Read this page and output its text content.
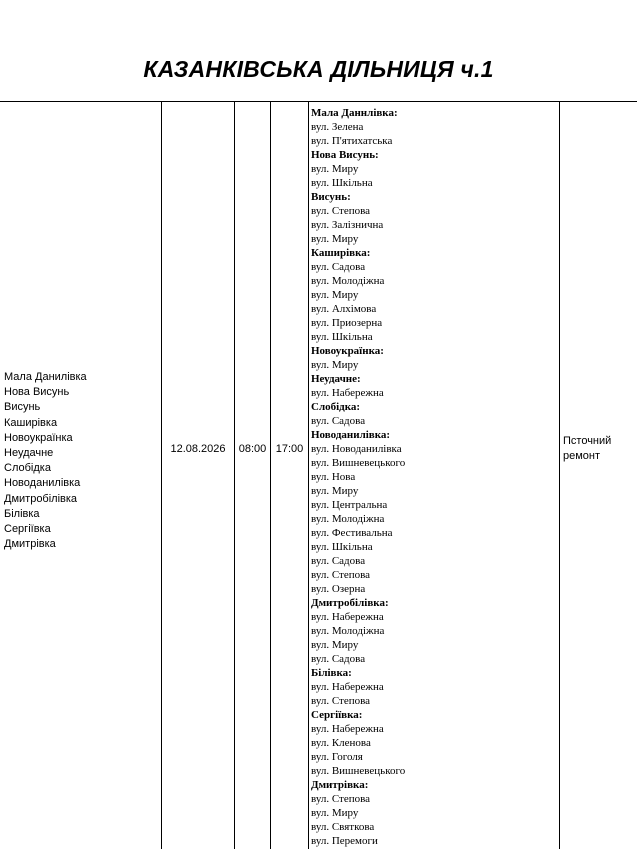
КАЗАНКІВСЬКА ДІЛЬНИЦЯ ч.1
Мала Данилівка
Нова Висунь
Висунь
Каширівка
Новоукраїнка
Неудачне
Слобідка
Новоданилівка
Дмитробілівка
Білівка
Сергіївка
Дмитрівка
12.08.2026	08:00 17:00
Мала Даннлівка:
вул. Зелена
вул. П'ятихатська
Нова Висунь:
вул. Миру
вул. Шкільна
Висунь:
вул. Степова
вул. Залізнична
вул. Миру
Каширівка:
вул. Садова
вул. Молодіжна
вул. Миру
вул. Алхімова
вул. Приозерна
вул. Шкільна
Новоукраїнка:
вул. Миру
Неудачне:
вул. Набережна
Слобідка:
вул. Садова
Новоданилівка:
вул. Новоданилівка
вул. Вишневецького
вул. Нова
вул. Миру
вул. Центральна
вул. Молодіжна
вул. Фестивальна
вул. Шкільна
вул. Садова
вул. Степова
вул. Озерна
Дмитробілівка:
вул. Набережна
вул. Молодіжна
вул. Миру
вул. Садова
Білівка:
вул. Набережна
вул. Степова
Сергіївка:
вул. Набережна
вул. Кленова
вул. Гоголя
вул. Вишневецького
Дмитрівка:
вул. Степова
вул. Миру
вул. Святкова
вул. Перемоги
Псточний
ремонт
